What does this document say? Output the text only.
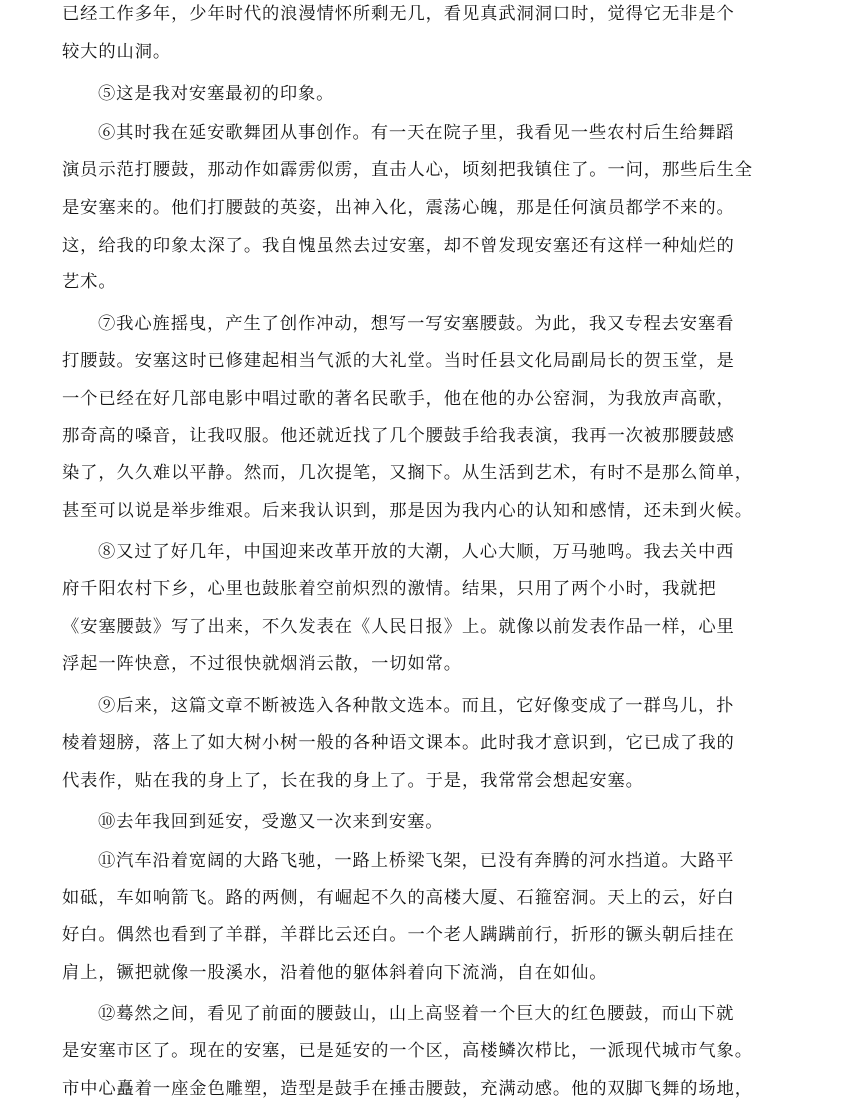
已经工作多年，少年时代的浪漫情怀所剩无几，看见真武洞洞口时，觉得它无非是个
较大的山洞。
⑤这是我对安塞最初的印象。
⑥其时我在延安歌舞团从事创作。有一天在院子里，我看见一些农村后生给舞蹈
演员示范打腰鼓，那动作如霹雳似雳，直击人心，顷刻把我镇住了。一问，那些后生全
是安塞来的。他们打腰鼓的英姿，出神入化，震荡心魄，那是任何演员都学不来的。
这，给我的印象太深了。我自愧虽然去过安塞，却不曾发现安塞还有这样一种灿烂的
艺术。
⑦我心旌摇曳，产生了创作冲动，想写一写安塞腰鼓。为此，我又专程去安塞看
打腰鼓。安塞这时已修建起相当气派的大礼堂。当时任县文化局副局长的贺玉堂，是
一个已经在好几部电影中唱过歌的著名民歌手，他在他的办公窑洞，为我放声高歌，
那奇高的嗓音，让我叹服。他还就近找了几个腰鼓手给我表演，我再一次被那腰鼓感
染了，久久难以平静。然而，几次提笔，又搁下。从生活到艺术，有时不是那么简单，
甚至可以说是举步维艰。后来我认识到，那是因为我内心的认知和感情，还未到火候。
⑧又过了好几年，中国迎来改革开放的大潮，人心大顺，万马驰鸣。我去关中西
府千阳农村下乡，心里也鼓胀着空前炽烈的激情。结果，只用了两个小时，我就把
《安塞腰鼓》写了出来，不久发表在《人民日报》上。就像以前发表作品一样，心里
浮起一阵快意，不过很快就烟消云散，一切如常。
⑨后来，这篇文章不断被选入各种散文选本。而且，它好像变成了一群鸟儿，扑
棱着翅膀，落上了如大树小树一般的各种语文课本。此时我才意识到，它已成了我的
代表作，贴在我的身上了，长在我的身上了。于是，我常常会想起安塞。
⑩去年我回到延安，受邀又一次来到安塞。
⑪汽车沿着宽阔的大路飞驰，一路上桥梁飞架，已没有奔腾的河水挡道。大路平
如砥，车如响箭飞。路的两侧，有崛起不久的高楼大厦、石箍窑洞。天上的云，好白
好白。偶然也看到了羊群，羊群比云还白。一个老人蹒蹒前行，折形的镢头朝后挂在
肩上，镢把就像一股溪水，沿着他的躯体斜着向下流淌，自在如仙。
⑫蓦然之间，看见了前面的腰鼓山，山上高竖着一个巨大的红色腰鼓，而山下就
是安塞市区了。现在的安塞，已是延安的一个区，高楼鳞次栉比，一派现代城市气象。
市中心矗着一座金色雕塑，造型是鼓手在捶击腰鼓，充满动感。他的双脚飞舞的场地，
